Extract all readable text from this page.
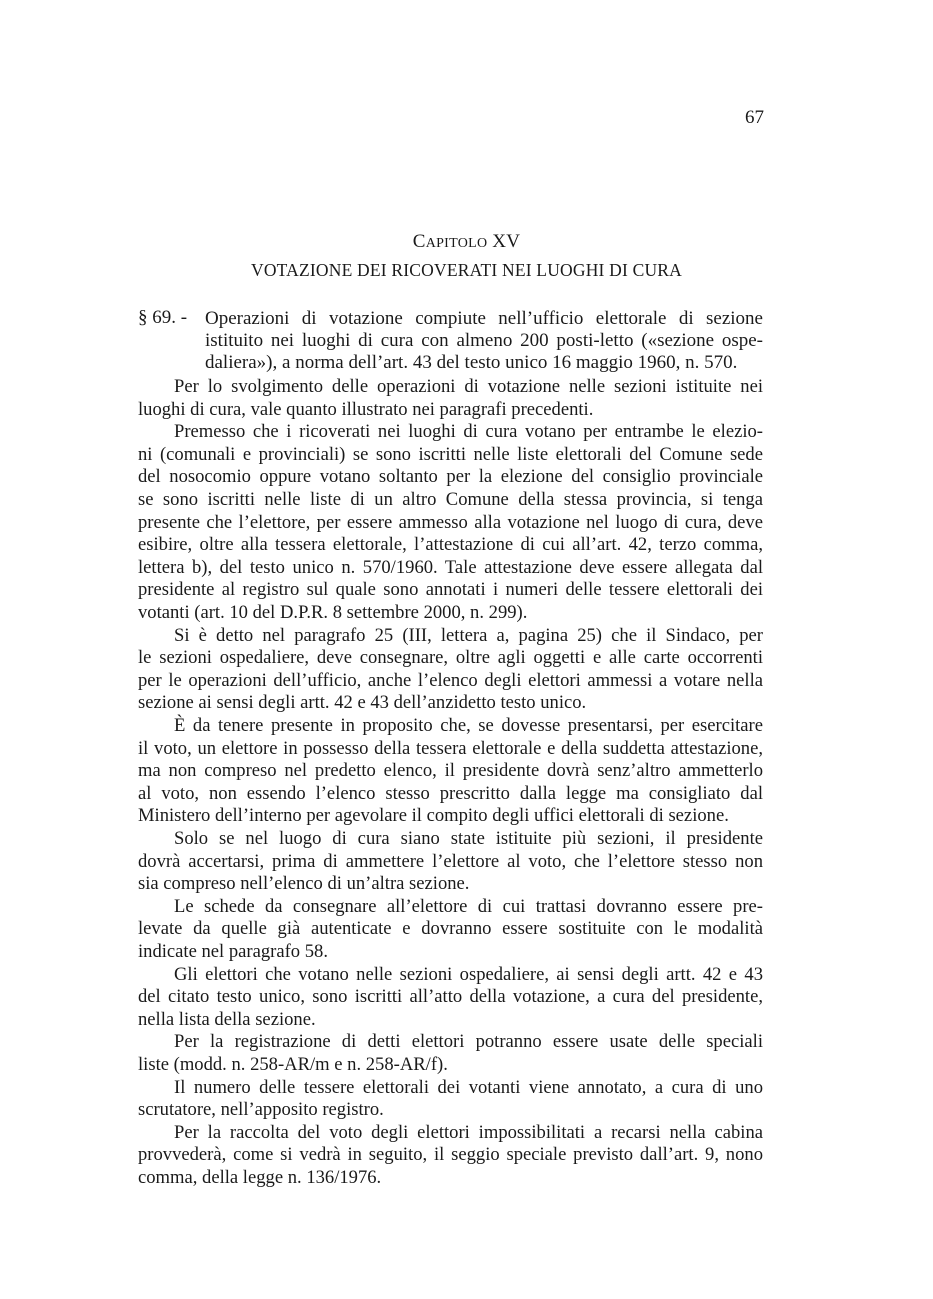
67
CAPITOLO XV
VOTAZIONE DEI RICOVERATI NEI LUOGHI DI CURA
§ 69. - Operazioni di votazione compiute nell’ufficio elettorale di sezione
istituito nei luoghi di cura con almeno 200 posti-letto («sezione ospe-
daliera»), a norma dell’art. 43 del testo unico 16 maggio 1960, n. 570.
Per lo svolgimento delle operazioni di votazione nelle sezioni istituite nei
luoghi di cura, vale quanto illustrato nei paragrafi precedenti.
Premesso che i ricoverati nei luoghi di cura votano per entrambe le elezio-
ni (comunali e provinciali) se sono iscritti nelle liste elettorali del Comune sede
del nosocomio oppure votano soltanto per la elezione del consiglio provinciale
se sono iscritti nelle liste di un altro Comune della stessa provincia, si tenga
presente che l’elettore, per essere ammesso alla votazione nel luogo di cura, deve
esibire, oltre alla tessera elettorale, l’attestazione di cui all’art. 42, terzo comma,
lettera b), del testo unico n. 570/1960. Tale attestazione deve essere allegata dal
presidente al registro sul quale sono annotati i numeri delle tessere elettorali dei
votanti (art. 10 del D.P.R. 8 settembre 2000, n. 299).
Si è detto nel paragrafo 25 (III, lettera a, pagina 25) che il Sindaco, per
le sezioni ospedaliere, deve consegnare, oltre agli oggetti e alle carte occorrenti
per le operazioni dell’ufficio, anche l’elenco degli elettori ammessi a votare nella
sezione ai sensi degli artt. 42 e 43 dell’anzidetto testo unico.
È da tenere presente in proposito che, se dovesse presentarsi, per esercitare
il voto, un elettore in possesso della tessera elettorale e della suddetta attestazione,
ma non compreso nel predetto elenco, il presidente dovrà senz’altro ammetterlo
al voto, non essendo l’elenco stesso prescritto dalla legge ma consigliato dal
Ministero dell’interno per agevolare il compito degli uffici elettorali di sezione.
Solo se nel luogo di cura siano state istituite più sezioni, il presidente
dovrà accertarsi, prima di ammettere l’elettore al voto, che l’elettore stesso non
sia compreso nell’elenco di un’altra sezione.
Le schede da consegnare all’elettore di cui trattasi dovranno essere pre-
levate da quelle già autenticate e dovranno essere sostituite con le modalità
indicate nel paragrafo 58.
Gli elettori che votano nelle sezioni ospedaliere, ai sensi degli artt. 42 e 43
del citato testo unico, sono iscritti all’atto della votazione, a cura del presidente,
nella lista della sezione.
Per la registrazione di detti elettori potranno essere usate delle speciali
liste (modd. n. 258-AR/m e n. 258-AR/f).
Il numero delle tessere elettorali dei votanti viene annotato, a cura di uno
scrutatore, nell’apposito registro.
Per la raccolta del voto degli elettori impossibilitati a recarsi nella cabina
provvederà, come si vedrà in seguito, il seggio speciale previsto dall’art. 9, nono
comma, della legge n. 136/1976.
